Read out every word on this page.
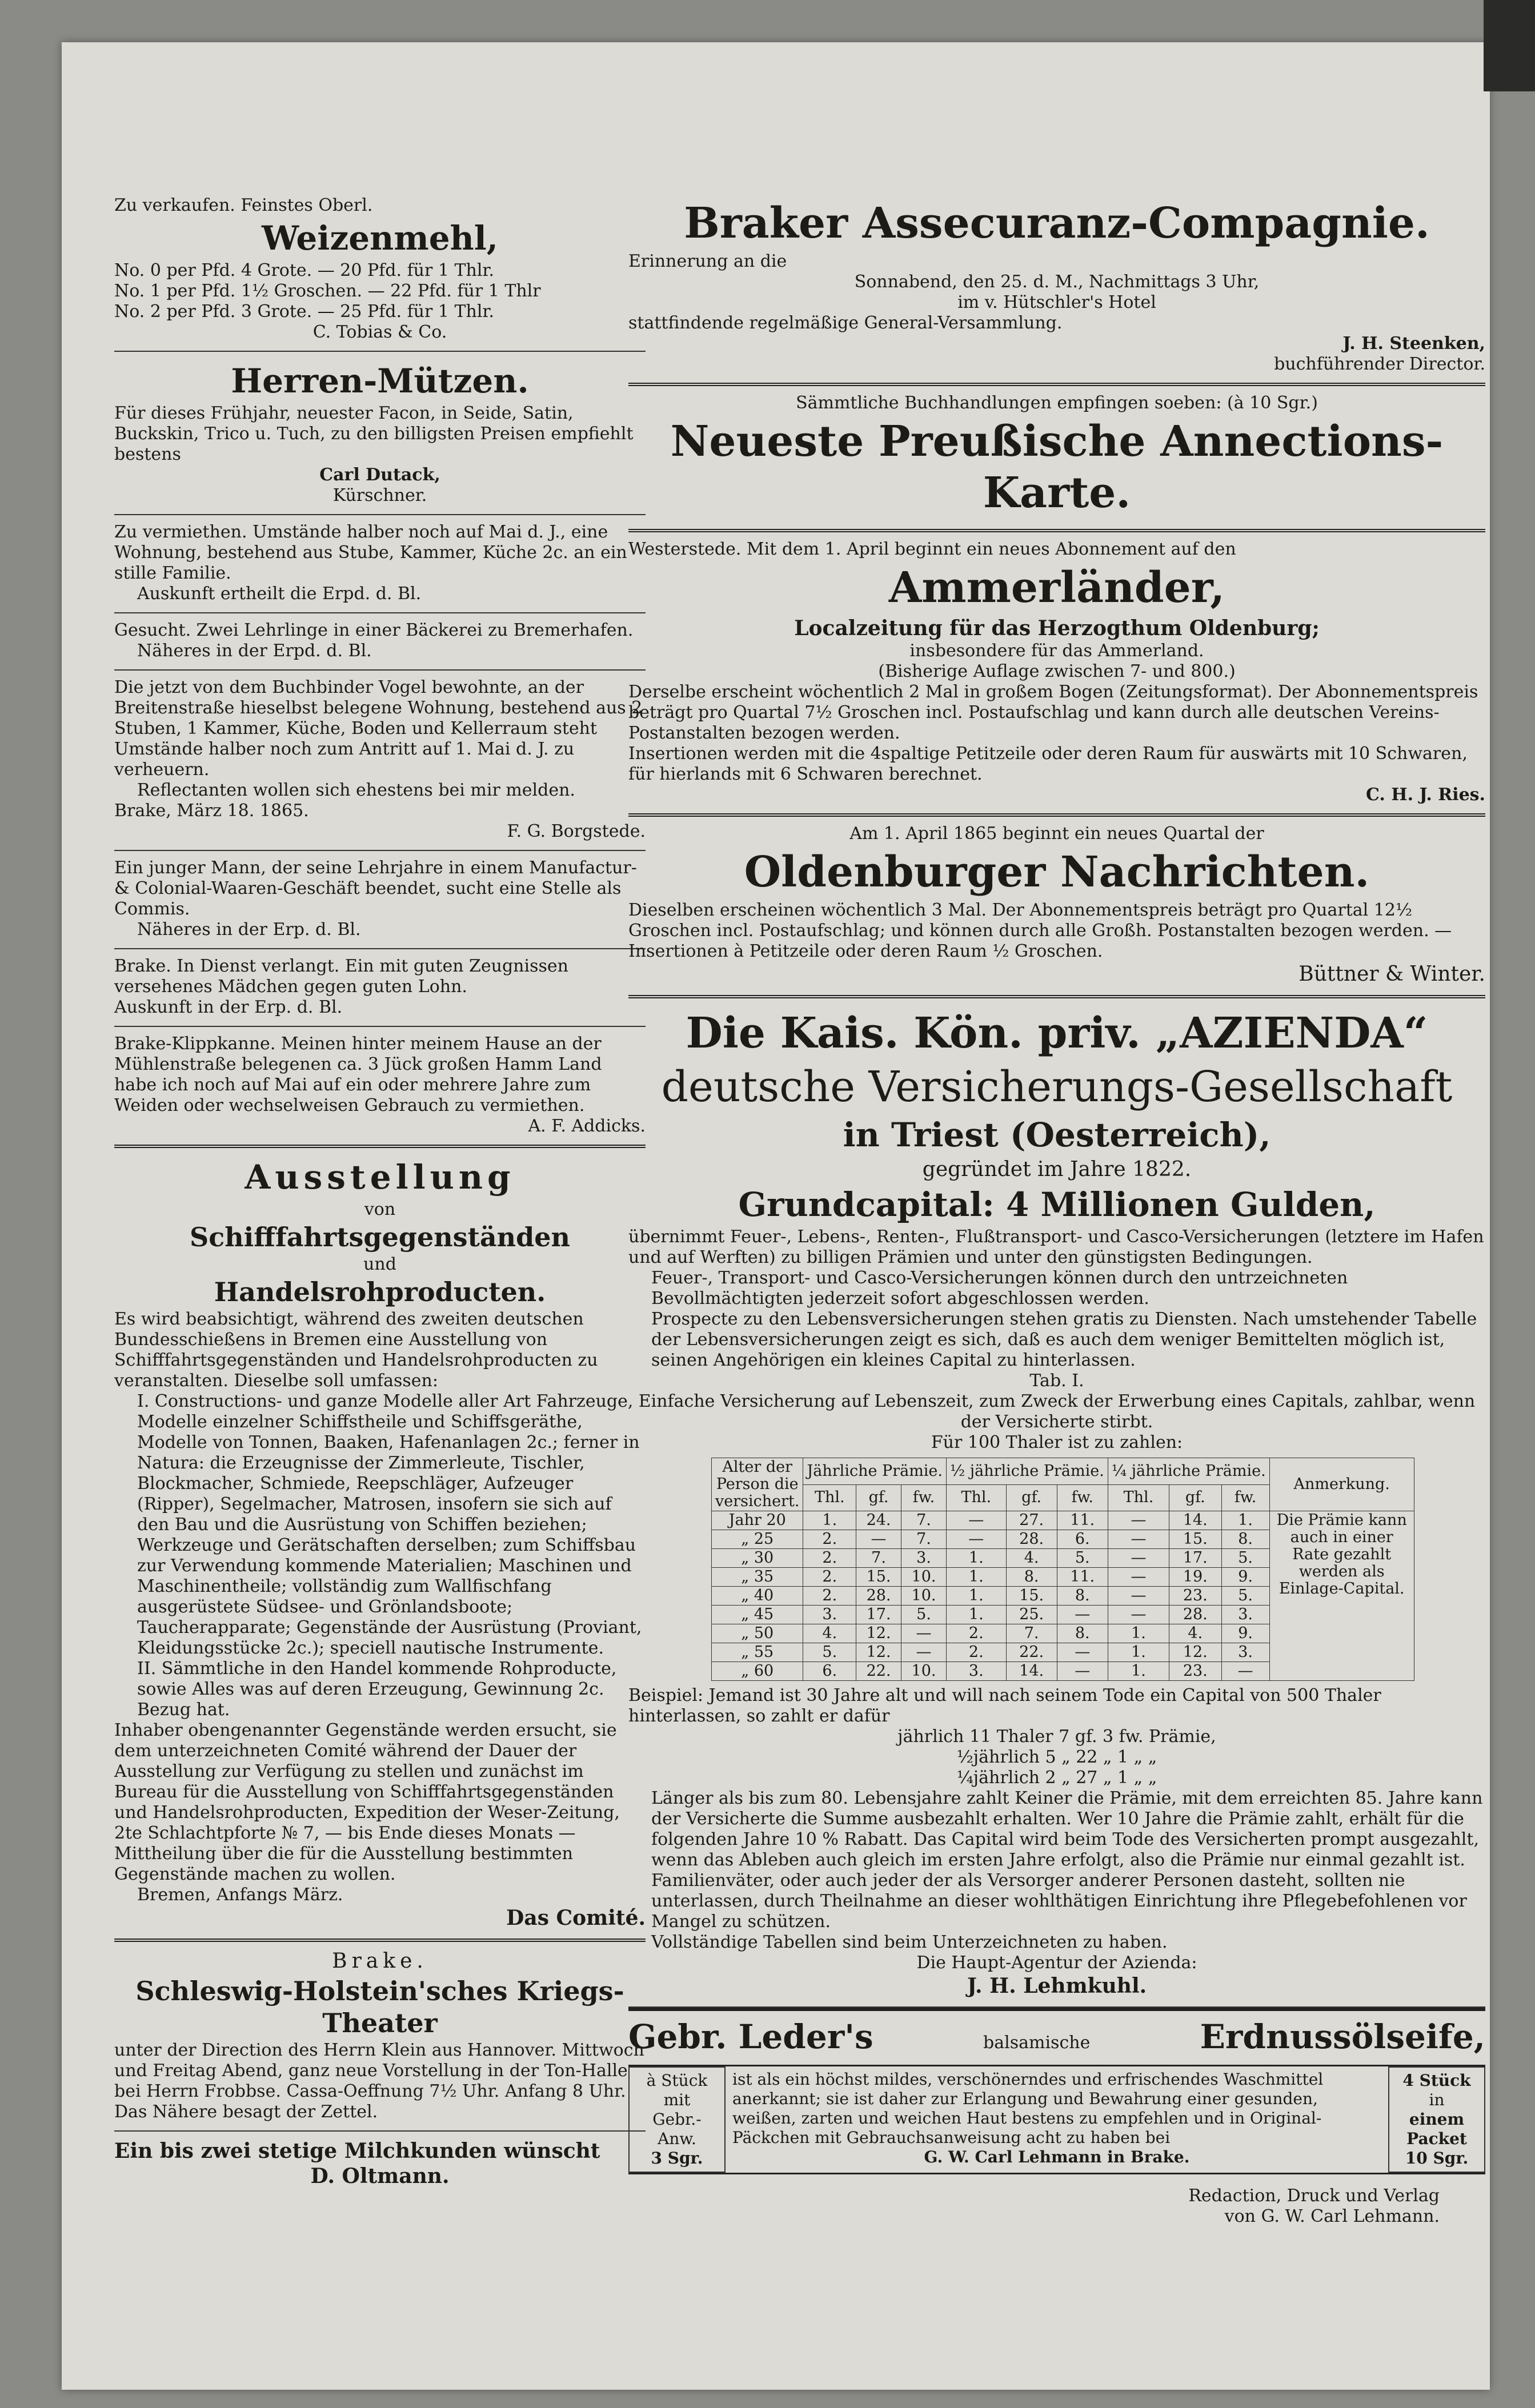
Zu verkaufen. Feinstes Oberl.

Weizenmehl,

No. 0 per Pfd. 4 Grote. — 20 Pfd. für 1 Thlr.

No. 1 per Pfd. 1½ Groschen. — 22 Pfd. für 1 Thlr

No. 2 per Pfd. 3 Grote. — 25 Pfd. für 1 Thlr.

C. Tobias & Co.

Herren-Mützen.

Für dieses Frühjahr, neuester Facon, in Seide, Satin, Buckskin, Trico u. Tuch, zu den billigsten Preisen empfiehlt bestens

Carl Dutack,

Kürschner.

Zu vermiethen. Umstände halber noch auf Mai d. J., eine Wohnung, bestehend aus Stube, Kammer, Küche 2c. an ein stille Familie.

Auskunft ertheilt die Erpd. d. Bl.

Gesucht. Zwei Lehrlinge in einer Bäckerei zu Bremerhafen.

Näheres in der Erpd. d. Bl.

Die jetzt von dem Buchbinder Vogel bewohnte, an der Breitenstraße hieselbst belegene Wohnung, bestehend aus 2 Stuben, 1 Kammer, Küche, Boden und Kellerraum steht Umstände halber noch zum Antritt auf 1. Mai d. J. zu verheuern.

Reflectanten wollen sich ehestens bei mir melden.

Brake, März 18. 1865.

F. G. Borgstede.

Ein junger Mann, der seine Lehrjahre in einem Manufactur- & Colonial-Waaren-Geschäft beendet, sucht eine Stelle als Commis.

Näheres in der Erp. d. Bl.

Brake. In Dienst verlangt. Ein mit guten Zeugnissen versehenes Mädchen gegen guten Lohn.

Auskunft in der Erp. d. Bl.

Brake-Klippkanne. Meinen hinter meinem Hause an der Mühlenstraße belegenen ca. 3 Jück großen Hamm Land habe ich noch auf Mai auf ein oder mehrere Jahre zum Weiden oder wechselweisen Gebrauch zu vermiethen.

A. F. Addicks.

Ausstellung

von

Schifffahrtsgegenständen

und

Handelsrohproducten.

Es wird beabsichtigt, während des zweiten deutschen Bundesschießens in Bremen eine Ausstellung von Schifffahrtsgegenständen und Handelsrohproducten zu veranstalten. Dieselbe soll umfassen:

I. Constructions- und ganze Modelle aller Art Fahrzeuge, Modelle einzelner Schiffstheile und Schiffsgeräthe, Modelle von Tonnen, Baaken, Hafenanlagen 2c.; ferner in Natura: die Erzeugnisse der Zimmerleute, Tischler, Blockmacher, Schmiede, Reepschläger, Aufzeuger (Ripper), Segelmacher, Matrosen, insofern sie sich auf den Bau und die Ausrüstung von Schiffen beziehen; Werkzeuge und Gerätschaften derselben; zum Schiffsbau zur Verwendung kommende Materialien; Maschinen und Maschinentheile; vollständig zum Wallfischfang ausgerüstete Südsee- und Grönlandsboote; Taucherapparate; Gegenstände der Ausrüstung (Proviant, Kleidungsstücke 2c.); speciell nautische Instrumente.

II. Sämmtliche in den Handel kommende Rohproducte, sowie Alles was auf deren Erzeugung, Gewinnung 2c. Bezug hat.

Inhaber obengenannter Gegenstände werden ersucht, sie dem unterzeichneten Comité während der Dauer der Ausstellung zur Verfügung zu stellen und zunächst im Bureau für die Ausstellung von Schifffahrtsgegenständen und Handelsrohproducten, Expedition der Weser-Zeitung, 2te Schlachtpforte № 7, — bis Ende dieses Monats — Mittheilung über die für die Ausstellung bestimmten Gegenstände machen zu wollen.

Bremen, Anfangs März.

Das Comité.

Brake.

Schleswig-Holstein'sches Kriegs-Theater

unter der Direction des Herrn Klein aus Hannover. Mittwoch und Freitag Abend, ganz neue Vorstellung in der Ton-Halle bei Herrn Frobbse. Cassa-Oeffnung 7½ Uhr. Anfang 8 Uhr. Das Nähere besagt der Zettel.

Ein bis zwei stetige Milchkunden wünscht

D. Oltmann.

Braker Assecuranz-Compagnie.

Erinnerung an die

Sonnabend, den 25. d. M., Nachmittags 3 Uhr,

im v. Hütschler's Hotel

stattfindende regelmäßige General-Versammlung.

J. H. Steenken,

buchführender Director.

Sämmtliche Buchhandlungen empfingen soeben: (à 10 Sgr.)

Neueste Preußische Annections-Karte.

Westerstede. Mit dem 1. April beginnt ein neues Abonnement auf den

Ammerländer,

Localzeitung für das Herzogthum Oldenburg;

insbesondere für das Ammerland.

(Bisherige Auflage zwischen 7- und 800.)

Derselbe erscheint wöchentlich 2 Mal in großem Bogen (Zeitungsformat). Der Abonnementspreis beträgt pro Quartal 7½ Groschen incl. Postaufschlag und kann durch alle deutschen Vereins-Postanstalten bezogen werden.

Insertionen werden mit die 4spaltige Petitzeile oder deren Raum für auswärts mit 10 Schwaren, für hierlands mit 6 Schwaren berechnet.

C. H. J. Ries.

Am 1. April 1865 beginnt ein neues Quartal der

Oldenburger Nachrichten.

Dieselben erscheinen wöchentlich 3 Mal. Der Abonnementspreis beträgt pro Quartal 12½ Groschen incl. Postaufschlag; und können durch alle Großh. Postanstalten bezogen werden. — Insertionen à Petitzeile oder deren Raum ½ Groschen.

Büttner & Winter.

Die Kais. Kön. priv. „AZIENDA“

deutsche Versicherungs-Gesellschaft

in Triest (Oesterreich),

gegründet im Jahre 1822.

Grundcapital: 4 Millionen Gulden,

übernimmt Feuer-, Lebens-, Renten-, Flußtransport- und Casco-Versicherungen (letztere im Hafen und auf Werften) zu billigen Prämien und unter den günstigsten Bedingungen.

Feuer-, Transport- und Casco-Versicherungen können durch den untrzeichneten Bevollmächtigten jederzeit sofort abgeschlossen werden.

Prospecte zu den Lebensversicherungen stehen gratis zu Diensten. Nach umstehender Tabelle der Lebensversicherungen zeigt es sich, daß es auch dem weniger Bemittelten möglich ist, seinen Angehörigen ein kleines Capital zu hinterlassen.

Tab. I.

Einfache Versicherung auf Lebenszeit, zum Zweck der Erwerbung eines Capitals, zahlbar, wenn der Versicherte stirbt.

Für 100 Thaler ist zu zahlen:

Alter der Person die versichert.	Jährliche Prämie.			½ jährliche Prämie.			¼ jährliche Prämie.			Anmerkung.
	Thl.	gf.	fw.	Thl.	gf.	fw.	Thl.	gf.	fw.	
Jahr 20	1.	24.	7.	—	27.	11.	—	14.	1.	Die Prämie kann auch in einer Rate gezahlt werden als Einlage-Capital.
„ 25	2.	—	7.	—	28.	6.	—	15.	8.	
„ 30	2.	7.	3.	1.	4.	5.	—	17.	5.	
„ 35	2.	15.	10.	1.	8.	11.	—	19.	9.	
„ 40	2.	28.	10.	1.	15.	8.	—	23.	5.	
„ 45	3.	17.	5.	1.	25.	—	—	28.	3.	
„ 50	4.	12.	—	2.	7.	8.	1.	4.	9.	
„ 55	5.	12.	—	2.	22.	—	1.	12.	3.	
„ 60	6.	22.	10.	3.	14.	—	1.	23.	—	

Beispiel: Jemand ist 30 Jahre alt und will nach seinem Tode ein Capital von 500 Thaler hinterlassen, so zahlt er dafür

jährlich 11 Thaler 7 gf. 3 fw. Prämie,

½jährlich 5 „ 22 „ 1 „ „

¼jährlich 2 „ 27 „ 1 „ „

Länger als bis zum 80. Lebensjahre zahlt Keiner die Prämie, mit dem erreichten 85. Jahre kann der Versicherte die Summe ausbezahlt erhalten. Wer 10 Jahre die Prämie zahlt, erhält für die folgenden Jahre 10 % Rabatt. Das Capital wird beim Tode des Versicherten prompt ausgezahlt, wenn das Ableben auch gleich im ersten Jahre erfolgt, also die Prämie nur einmal gezahlt ist.

Familienväter, oder auch jeder der als Versorger anderer Personen dasteht, sollten nie unterlassen, durch Theilnahme an dieser wohlthätigen Einrichtung ihre Pflegebefohlenen vor Mangel zu schützen.

Vollständige Tabellen sind beim Unterzeichneten zu haben.

Die Haupt-Agentur der Azienda:

J. H. Lehmkuhl.

Gebr. Leder's	balsamische	Erdnussölseife,
à Stück
mit
Gebr.-Anw.
3 Sgr.
ist als ein höchst mildes, verschönerndes und erfrischendes Waschmittel anerkannt; sie ist daher zur Erlangung und Bewahrung einer gesunden, weißen, zarten und weichen Haut bestens zu empfehlen und in Original-Päckchen mit Gebrauchsanweisung acht zu haben bei
G. W. Carl Lehmann in Brake.
4 Stück
in
einem Packet
10 Sgr.

Redaction, Druck und Verlag

von G. W. Carl Lehmann.
